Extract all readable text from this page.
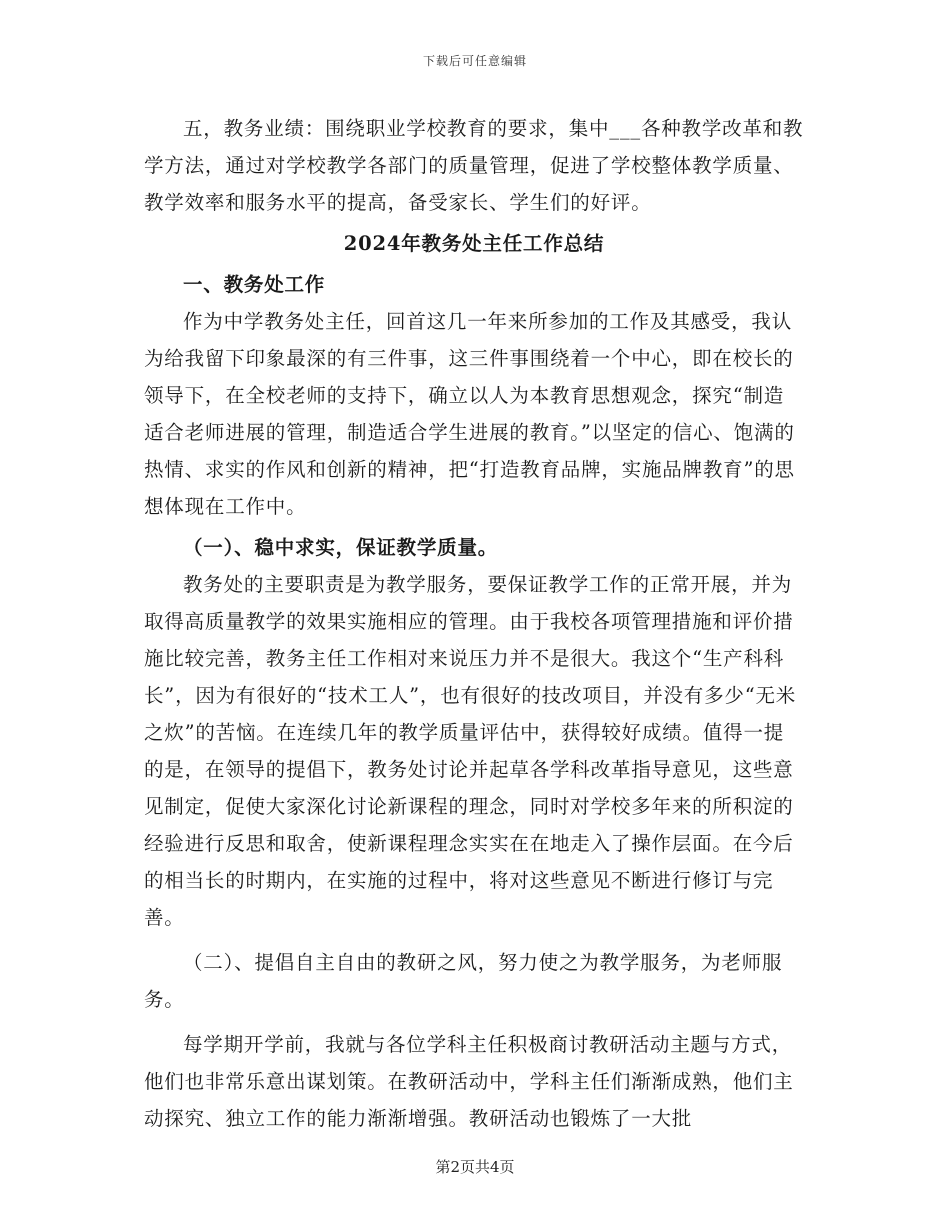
下载后可任意编辑

五，教务业绩：围绕职业学校教育的要求，集中___各种教学改革和教学方法，通过对学校教学各部门的质量管理，促进了学校整体教学质量、教学效率和服务水平的提高，备受家长、学生们的好评。

2024年教务处主任工作总结

一、教务处工作

作为中学教务处主任，回首这几一年来所参加的工作及其感受，我认为给我留下印象最深的有三件事，这三件事围绕着一个中心，即在校长的领导下，在全校老师的支持下，确立以人为本教育思想观念，探究“制造适合老师进展的管理，制造适合学生进展的教育。”以坚定的信心、饱满的热情、求实的作风和创新的精神，把“打造教育品牌，实施品牌教育”的思想体现在工作中。

（一）、稳中求实，保证教学质量。

教务处的主要职责是为教学服务，要保证教学工作的正常开展，并为取得高质量教学的效果实施相应的管理。由于我校各项管理措施和评价措施比较完善，教务主任工作相对来说压力并不是很大。我这个“生产科科长”，因为有很好的“技术工人”，也有很好的技改项目，并没有多少“无米之炊”的苦恼。在连续几年的教学质量评估中，获得较好成绩。值得一提的是，在领导的提倡下，教务处讨论并起草各学科改革指导意见，这些意见制定，促使大家深化讨论新课程的理念，同时对学校多年来的所积淀的经验进行反思和取舍，使新课程理念实实在在地走入了操作层面。在今后的相当长的时期内，在实施的过程中，将对这些意见不断进行修订与完善。

（二）、提倡自主自由的教研之风，努力使之为教学服务，为老师服务。

每学期开学前，我就与各位学科主任积极商讨教研活动主题与方式，他们也非常乐意出谋划策。在教研活动中，学科主任们渐渐成熟，他们主动探究、独立工作的能力渐渐增强。教研活动也锻炼了一大批

第2页共4页
